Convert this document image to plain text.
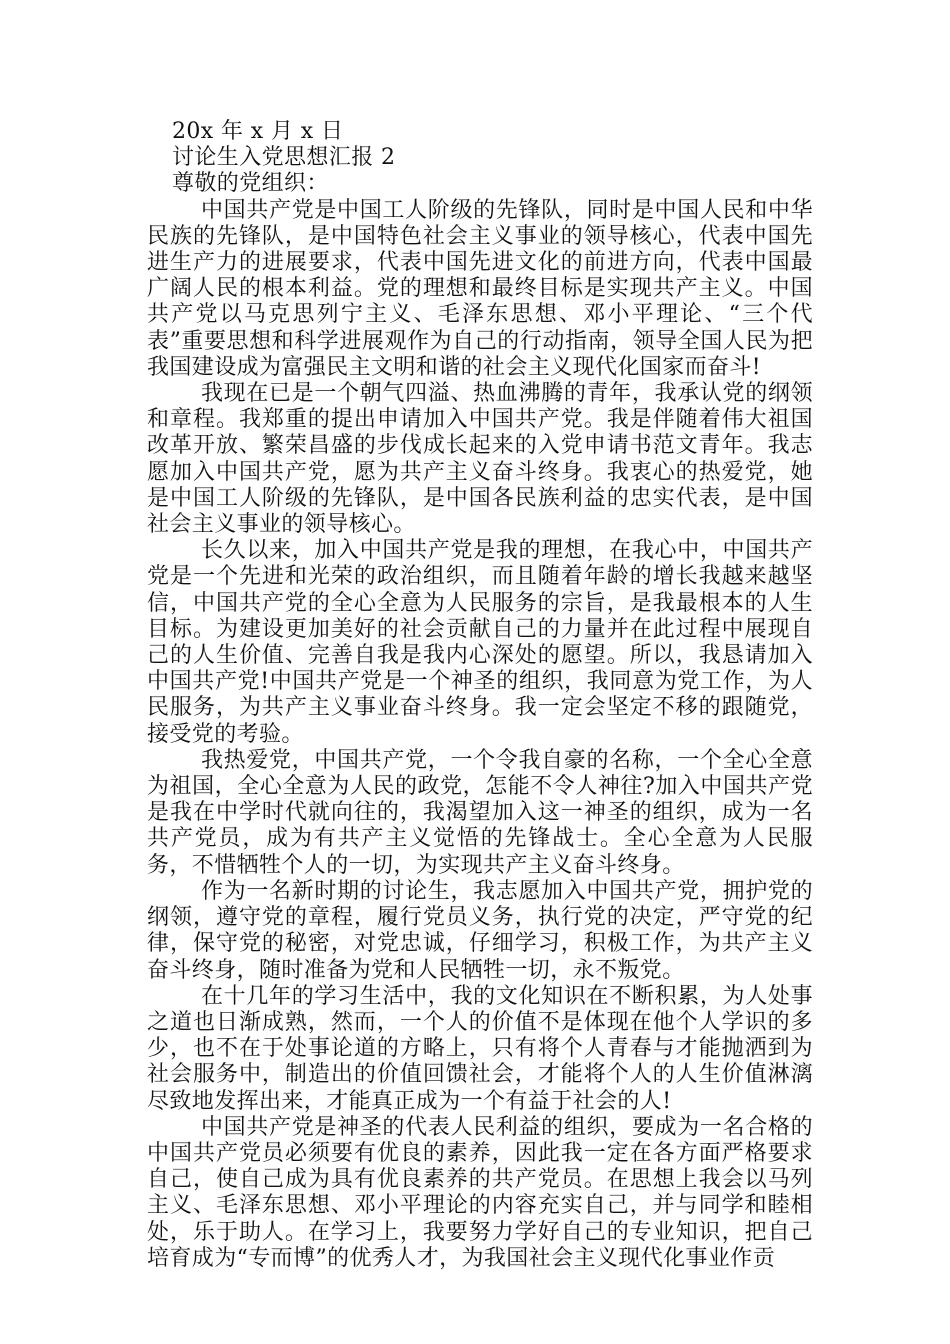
20x 年 x 月 x 日

讨论生入党思想汇报 2

尊敬的党组织：

中国共产党是中国工人阶级的先锋队，同时是中国人民和中华民族的先锋队，是中国特色社会主义事业的领导核心，代表中国先进生产力的进展要求，代表中国先进文化的前进方向，代表中国最广阔人民的根本利益。党的理想和最终目标是实现共产主义。中国共产党以马克思列宁主义、毛泽东思想、邓小平理论、“三个代表”重要思想和科学进展观作为自己的行动指南，领导全国人民为把我国建设成为富强民主文明和谐的社会主义现代化国家而奋斗!

我现在已是一个朝气四溢、热血沸腾的青年，我承认党的纲领和章程。我郑重的提出申请加入中国共产党。我是伴随着伟大祖国改革开放、繁荣昌盛的步伐成长起来的入党申请书范文青年。我志愿加入中国共产党，愿为共产主义奋斗终身。我衷心的热爱党，她是中国工人阶级的先锋队，是中国各民族利益的忠实代表，是中国社会主义事业的领导核心。

长久以来，加入中国共产党是我的理想，在我心中，中国共产党是一个先进和光荣的政治组织，而且随着年龄的增长我越来越坚信，中国共产党的全心全意为人民服务的宗旨，是我最根本的人生目标。为建设更加美好的社会贡献自己的力量并在此过程中展现自己的人生价值、完善自我是我内心深处的愿望。所以，我恳请加入中国共产党!中国共产党是一个神圣的组织，我同意为党工作，为人民服务，为共产主义事业奋斗终身。我一定会坚定不移的跟随党，接受党的考验。

我热爱党，中国共产党，一个令我自豪的名称，一个全心全意为祖国，全心全意为人民的政党，怎能不令人神往?加入中国共产党是我在中学时代就向往的，我渴望加入这一神圣的组织，成为一名共产党员，成为有共产主义觉悟的先锋战士。全心全意为人民服务，不惜牺牲个人的一切，为实现共产主义奋斗终身。

作为一名新时期的讨论生，我志愿加入中国共产党，拥护党的纲领，遵守党的章程，履行党员义务，执行党的决定，严守党的纪律，保守党的秘密，对党忠诚，仔细学习，积极工作，为共产主义奋斗终身，随时准备为党和人民牺牲一切，永不叛党。

在十几年的学习生活中，我的文化知识在不断积累，为人处事之道也日渐成熟，然而，一个人的价值不是体现在他个人学识的多少，也不在于处事论道的方略上，只有将个人青春与才能抛洒到为社会服务中，制造出的价值回馈社会，才能将个人的人生价值淋漓尽致地发挥出来，才能真正成为一个有益于社会的人!

中国共产党是神圣的代表人民利益的组织，要成为一名合格的中国共产党员必须要有优良的素养，因此我一定在各方面严格要求自己，使自己成为具有优良素养的共产党员。在思想上我会以马列主义、毛泽东思想、邓小平理论的内容充实自己，并与同学和睦相处，乐于助人。在学习上，我要努力学好自己的专业知识，把自己培育成为“专而博”的优秀人才，为我国社会主义现代化事业作贡
